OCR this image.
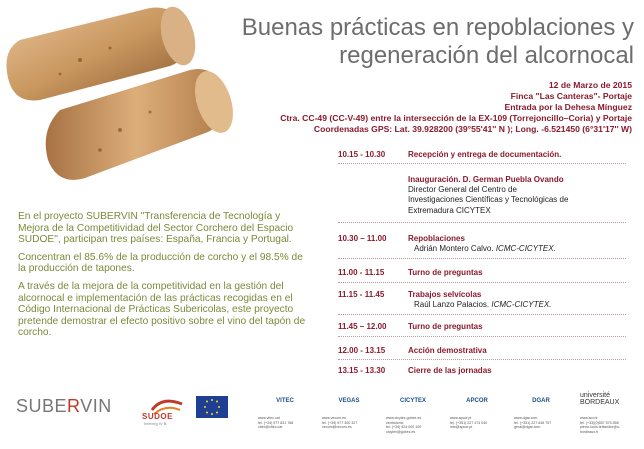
Buenas prácticas en repoblaciones y
regeneración del alcornocal
12 de Marzo de 2015
Finca "Las Canteras"- Portaje
Entrada por la Dehesa Mínguez
Ctra. CC-49 (CC-V-49) entre la intersección de la EX-109 (Torrejoncillo–Coria) y Portaje
Coordenadas GPS: Lat. 39.928200 (39°55'41'' N ); Long. -6.521450 (6°31'17'' W)
10.15 - 10.30	Recepción y entrega de documentación.
Inauguración. D. German Puebla Ovando
Director General del Centro de
Investigaciones Científicas y Tecnológicas de
Extremadura CICYTEX
10.30 – 11.00	Repoblaciones
Adrián Montero Calvo. ICMC-CICYTEX.
11.00 - 11.15	Turno de preguntas
11.15 - 11.45	Trabajos selvícolas
Raúl Lanzo Palacios. ICMC-CICYTEX.
11.45 – 12.00	Turno de preguntas
12.00 - 13.15	Acción demostrativa
13.15 - 13.30	Cierre de las jornadas

En el proyecto SUBERVIN "Transferencia de Tecnología y Mejora de la Competitividad del Sector Corchero del Espacio SUDOE", participan tres países: España, Francia y Portugal.

Concentran el 85.6% de la producción de corcho y el 98.5% de la producción de tapones.

A través de la mejora de la competitividad en la gestión del alcornocal e implementación de las prácticas recogidas en el Código Internacional de Prácticas Subericolas, este proyecto pretende demostrar el efecto positivo sobre el vino del tapón de corcho.

SUBERVIN
SUDOE
Interreg IV B
VITEC
www.vitec.cat
tel. (+34) 977 831 768
vitec@vitec.cat
VEGAS
www.vecom.es
tel. (+34) 977 300 327
vecom@vecom.es
CICYTEX
www.cicytex.gobex.es
centroicmc
tel. (+34) 924 000 100
cicytex@gobex.es
APCOR
www.apcor.pt
tel. (+351) 227 474 040
info@apcor.pt
DGAR
www.dgar.com
tel. (+351) 227 645 757
geral@dgar.com
université BORDEAUX
www.isvv.fr
tel. (+33)(0)557 575 858
pierre-louis.teissedre@u-bordeaux.fr
